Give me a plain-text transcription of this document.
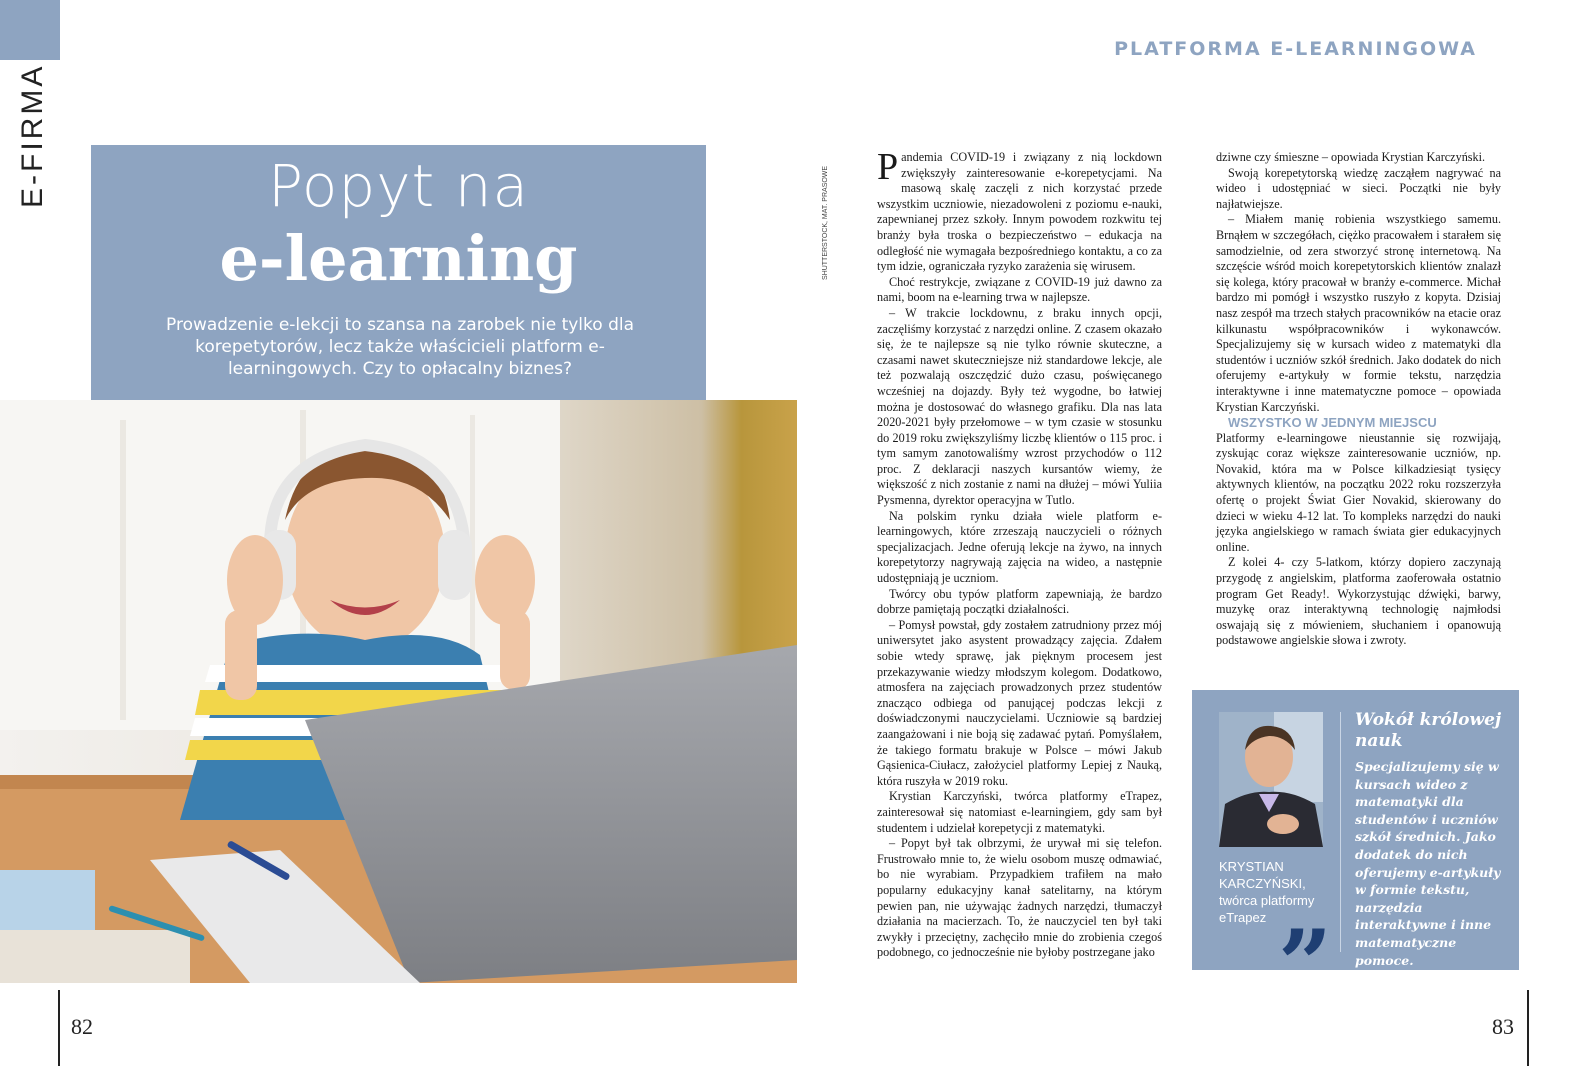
E-FIRMA
PLATFORMA E-LEARNINGOWA
Popyt na
e-learning
Prowadzenie e-lekcji to szansa na zarobek nie tylko dla korepetytorów, lecz także właścicieli platform e-learningowych. Czy to opłacalny biznes?
SHUTTERSTOCK, MAT. PRASOWE Pandemia COVID-19 i związany z nią lockdown zwiększyły zainteresowanie e-korepetycjami. Na masową skalę zaczęli z nich korzystać przede wszystkim uczniowie, niezadowoleni z poziomu e-nauki, zapewnianej przez szkoły. Innym powodem rozkwitu tej branży była troska o bezpieczeństwo – edukacja na odległość nie wymagała bezpośredniego kontaktu, a co za tym idzie, ograniczała ryzyko zarażenia się wirusem.

Choć restrykcje, związane z COVID-19 już dawno za nami, boom na e-learning trwa w najlepsze.

– W trakcie lockdownu, z braku innych opcji, zaczęliśmy korzystać z narzędzi online. Z czasem okazało się, że te najlepsze są nie tylko równie skuteczne, a czasami nawet skuteczniejsze niż standardowe lekcje, ale też pozwalają oszczędzić dużo czasu, poświęcanego wcześniej na dojazdy. Były też wygodne, bo łatwiej można je dostosować do własnego grafiku. Dla nas lata 2020-2021 były przełomowe – w tym czasie w stosunku do 2019 roku zwiększyliśmy liczbę klientów o 115 proc. i tym samym zanotowaliśmy wzrost przychodów o 112 proc. Z deklaracji naszych kursantów wiemy, że większość z nich zostanie z nami na dłużej – mówi Yuliia Pysmenna, dyrektor operacyjna w Tutlo.

Na polskim rynku działa wiele platform e-learningowych, które zrzeszają nauczycieli o różnych specjalizacjach. Jedne oferują lekcje na żywo, na innych korepetytorzy nagrywają zajęcia na wideo, a następnie udostępniają je uczniom.

Twórcy obu typów platform zapewniają, że bardzo dobrze pamiętają początki działalności.

– Pomysł powstał, gdy zostałem zatrudniony przez mój uniwersytet jako asystent prowadzący zajęcia. Zdałem sobie wtedy sprawę, jak pięknym procesem jest przekazywanie wiedzy młodszym kolegom. Dodatkowo, atmosfera na zajęciach prowadzonych przez studentów znacząco odbiega od panującej podczas lekcji z doświadczonymi nauczycielami. Uczniowie są bardziej zaangażowani i nie boją się zadawać pytań. Pomyślałem, że takiego formatu brakuje w Polsce – mówi Jakub Gąsienica-Ciułacz, założyciel platformy Lepiej z Nauką, która ruszyła w 2019 roku.

Krystian Karczyński, twórca platformy eTrapez, zainteresował się natomiast e-learningiem, gdy sam był studentem i udzielał korepetycji z matematyki.

– Popyt był tak olbrzymi, że urywał mi się telefon. Frustrowało mnie to, że wielu osobom muszę odmawiać, bo nie wyrabiam. Przypadkiem trafiłem na mało popularny edukacyjny kanał satelitarny, na którym pewien pan, nie używając żadnych narzędzi, tłumaczył działania na macierzach. To, że nauczyciel ten był taki zwykły i przeciętny, zachęciło mnie do zrobienia czegoś podobnego, co jednocześnie nie byłoby postrzegane jako

dziwne czy śmieszne – opowiada Krystian Karczyński.

Swoją korepetytorską wiedzę zacząłem nagrywać na wideo i udostępniać w sieci. Początki nie były najłatwiejsze.

– Miałem manię robienia wszystkiego samemu. Brnąłem w szczegółach, ciężko pracowałem i starałem się samodzielnie, od zera stworzyć stronę internetową. Na szczęście wśród moich korepetytorskich klientów znalazł się kolega, który pracował w branży e-commerce. Michał bardzo mi pomógł i wszystko ruszyło z kopyta. Dzisiaj nasz zespół ma trzech stałych pracowników na etacie oraz kilkunastu współpracowników i wykonawców. Specjalizujemy się w kursach wideo z matematyki dla studentów i uczniów szkół średnich. Jako dodatek do nich oferujemy e-artykuły w formie tekstu, narzędzia interaktywne i inne matematyczne pomoce – opowiada Krystian Karczyński.

WSZYSTKO W JEDNYM MIEJSCU

Platformy e-learningowe nieustannie się rozwijają, zyskując coraz większe zainteresowanie uczniów, np. Novakid, która ma w Polsce kilkadziesiąt tysięcy aktywnych klientów, na początku 2022 roku rozszerzyła ofertę o projekt Świat Gier Novakid, skierowany do dzieci w wieku 4-12 lat. To kompleks narzędzi do nauki języka angielskiego w ramach świata gier edukacyjnych online.

Z kolei 4- czy 5-latkom, którzy dopiero zaczynają przygodę z angielskim, platforma zaoferowała ostatnio program Get Ready!. Wykorzystując dźwięki, barwy, muzykę oraz interaktywną technologię najmłodsi oswajają się z mówieniem, słuchaniem i opanowują podstawowe angielskie słowa i zwroty.

KRYSTIAN KARCZYŃSKI, twórca platformy eTrapez
Wokół królowej nauk
Specjalizujemy się w kursach wideo z matematyki dla studentów i uczniów szkół średnich. Jako dodatek do nich oferujemy e-artykuły w formie tekstu, narzędzia interaktywne i inne matematyczne pomoce.
”
82	83
